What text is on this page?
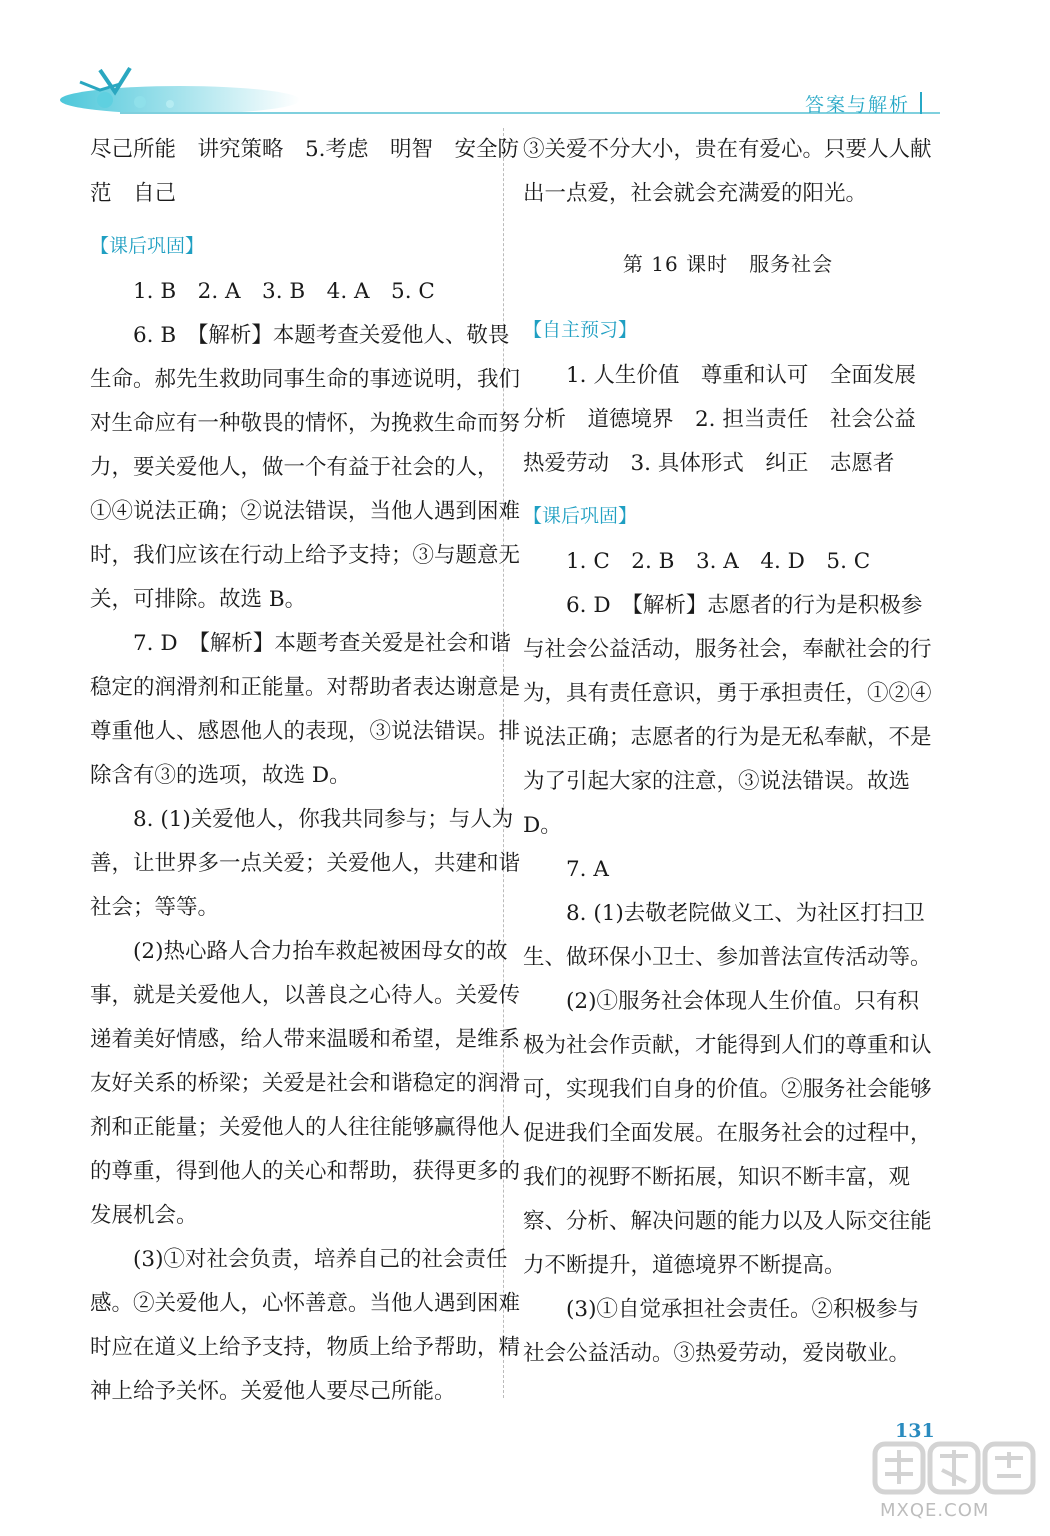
答案与解析

尽己所能　讲究策略　5.考虑　明智　安全防范　自己

【课后巩固】

1. B　2. A　3. B　4. A　5. C

6. B　【解析】本题考查关爱他人、敬畏生命。郝先生救助同事生命的事迹说明，我们对生命应有一种敬畏的情怀，为挽救生命而努力，要关爱他人，做一个有益于社会的人，①④说法正确；②说法错误，当他人遇到困难时，我们应该在行动上给予支持；③与题意无关，可排除。故选 B。

7. D　【解析】本题考查关爱是社会和谐稳定的润滑剂和正能量。对帮助者表达谢意是尊重他人、感恩他人的表现，③说法错误。排除含有③的选项，故选 D。

8. (1)关爱他人，你我共同参与；与人为善，让世界多一点关爱；关爱他人，共建和谐社会；等等。

(2)热心路人合力抬车救起被困母女的故事，就是关爱他人，以善良之心待人。关爱传递着美好情感，给人带来温暖和希望，是维系友好关系的桥梁；关爱是社会和谐稳定的润滑剂和正能量；关爱他人的人往往能够赢得他人的尊重，得到他人的关心和帮助，获得更多的发展机会。

(3)①对社会负责，培养自己的社会责任感。②关爱他人，心怀善意。当他人遇到困难时应在道义上给予支持，物质上给予帮助，精神上给予关怀。关爱他人要尽己所能。

③关爱不分大小，贵在有爱心。只要人人献出一点爱，社会就会充满爱的阳光。

第 16 课时　服务社会

【自主预习】

1. 人生价值　尊重和认可　全面发展　分析　道德境界　2. 担当责任　社会公益　热爱劳动　3. 具体形式　纠正　志愿者

【课后巩固】

1. C　2. B　3. A　4. D　5. C

6. D　【解析】志愿者的行为是积极参与社会公益活动，服务社会，奉献社会的行为，具有责任意识，勇于承担责任，①②④说法正确；志愿者的行为是无私奉献，不是为了引起大家的注意，③说法错误。故选 D。

7. A

8. (1)去敬老院做义工、为社区打扫卫生、做环保小卫士、参加普法宣传活动等。

(2)①服务社会体现人生价值。只有积极为社会作贡献，才能得到人们的尊重和认可，实现我们自身的价值。②服务社会能够促进我们全面发展。在服务社会的过程中，我们的视野不断拓展，知识不断丰富，观察、分析、解决问题的能力以及人际交往能力不断提升，道德境界不断提高。

(3)①自觉承担社会责任。②积极参与社会公益活动。③热爱劳动，爱岗敬业。

131
MXQE.COM
